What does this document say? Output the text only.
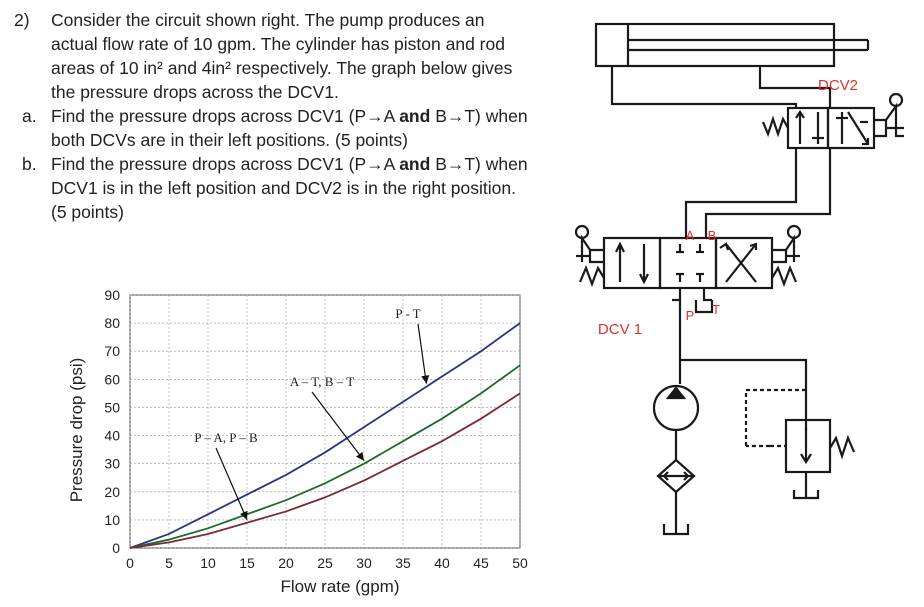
2) Consider the circuit shown right. The pump produces an
actual flow rate of 10 gpm. The cylinder has piston and rod
areas of 10 in² and 4in² respectively. The graph below gives
the pressure drops across the DCV1.
a. Find the pressure drops across DCV1 (P→A and B→T) when
both DCVs are in their left positions. (5 points)
b. Find the pressure drops across DCV1 (P→A and B→T) when
DCV1 is in the left position and DCV2 is in the right position.
(5 points)
P - T
A – T, B – T
P – A, P – B
0
10
20
30
40
50
60
70
80
90
0 5 10 15 20 25 30 35 40 45 50
Flow rate (gpm)
Pressure drop (psi)
DCV2
DCV 1
A B
P T
